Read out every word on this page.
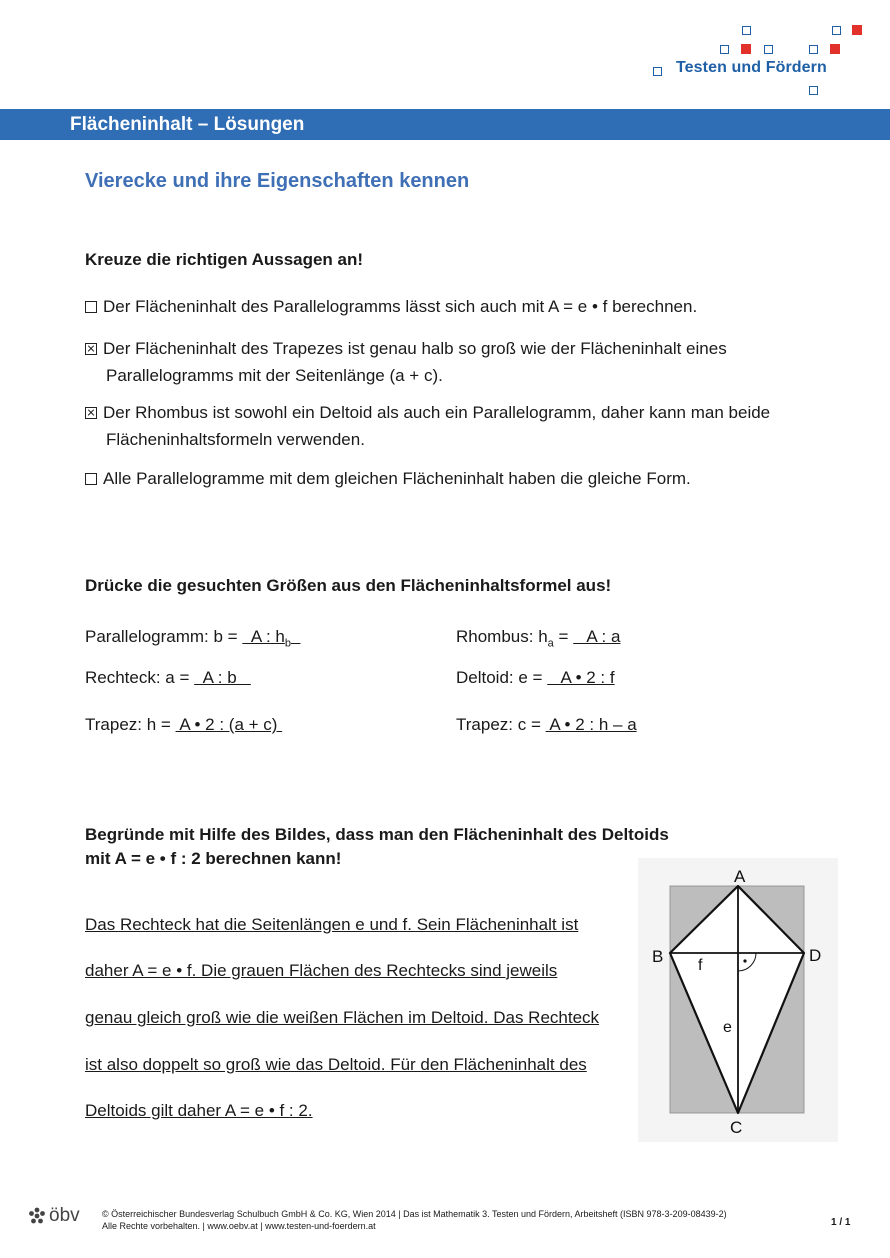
Testen und Fördern
Flächeninhalt – Lösungen
Vierecke und ihre Eigenschaften kennen
Kreuze die richtigen Aussagen an!
Der Flächeninhalt des Parallelogramms lässt sich auch mit A = e • f berechnen.
Der Flächeninhalt des Trapezes ist genau halb so groß wie der Flächeninhalt eines
Parallelogramms mit der Seitenlänge (a + c).
Der Rhombus ist sowohl ein Deltoid als auch ein Parallelogramm, daher kann man beide
Flächeninhaltsformeln verwenden.
Alle Parallelogramme mit dem gleichen Flächeninhalt haben die gleiche Form.
Drücke die gesuchten Größen aus den Flächeninhaltsformel aus!
Parallelogramm: b =   A : $h_b$
Rechteck: a =   A : b
Trapez: h =  A • 2 : (a + c)
Rhombus: $h_a$ =    A : a
Deltoid: e =    A • 2 : f
Trapez: c =  A • 2 : h – a
Begründe mit Hilfe des Bildes, dass man den Flächeninhalt des Deltoids
mit A = e • f : 2 berechnen kann!
Das Rechteck hat die Seitenlängen e und f. Sein Flächeninhalt ist
daher A = e • f. Die grauen Flächen des Rechtecks sind jeweils
genau gleich groß wie die weißen Flächen im Deltoid. Das Rechteck
ist also doppelt so groß wie das Deltoid. Für den Flächeninhalt des
Deltoids gilt daher A = e • f : 2.
A
B	D
C
f
e
öbv © Österreichischer Bundesverlag Schulbuch GmbH & Co. KG, Wien 2014 | Das ist Mathematik 3. Testen und Fördern, Arbeitsheft (ISBN 978-3-209-08439-2)
Alle Rechte vorbehalten. | www.oebv.at | www.testen-und-foerdern.at	1 / 1
